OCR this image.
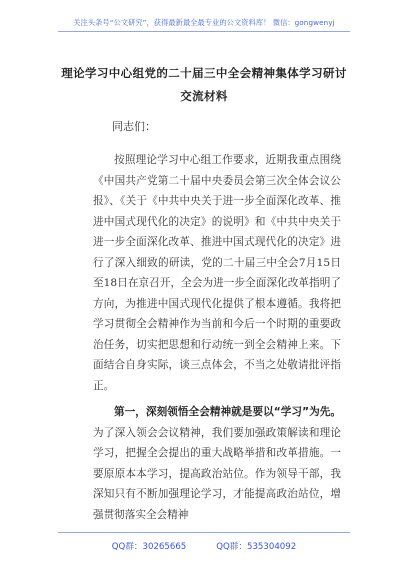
关注头条号“公文研究”，获得最新最全最专业的公文资料库！ 微信：gongwenyj
理论学习中心组党的二十届三中全会精神集体学习研讨交流材料
同志们：

按照理论学习中心组工作要求，近期我重点围绕《中国共产党第二十届中央委员会第三次全体会议公报》、《关于《中共中央关于进一步全面深化改革、推进中国式现代化的决定》的说明》和《中共中央关于进一步全面深化改革、推进中国式现代化的决定》进行了深入细致的研读，党的二十届三中全会7月15日至18日在京召开，全会为进一步全面深化改革指明了方向，为推进中国式现代化提供了根本遵循。我将把学习贯彻全会精神作为当前和今后一个时期的重要政治任务，切实把思想和行动统一到全会精神上来。下面结合自身实际，谈三点体会，不当之处敬请批评指正。

第一，深刻领悟全会精神就是要以“学习”为先。为了深入领会会议精神，我们要加强政策解读和理论学习，把握全会提出的重大战略举措和改革措施。一要原原本本学习，提高政治站位。作为领导干部，我深知只有不断加强理论学习，才能提高政治站位，增强贯彻落实全会精神

QQ群：30265665	QQ群：535304092
